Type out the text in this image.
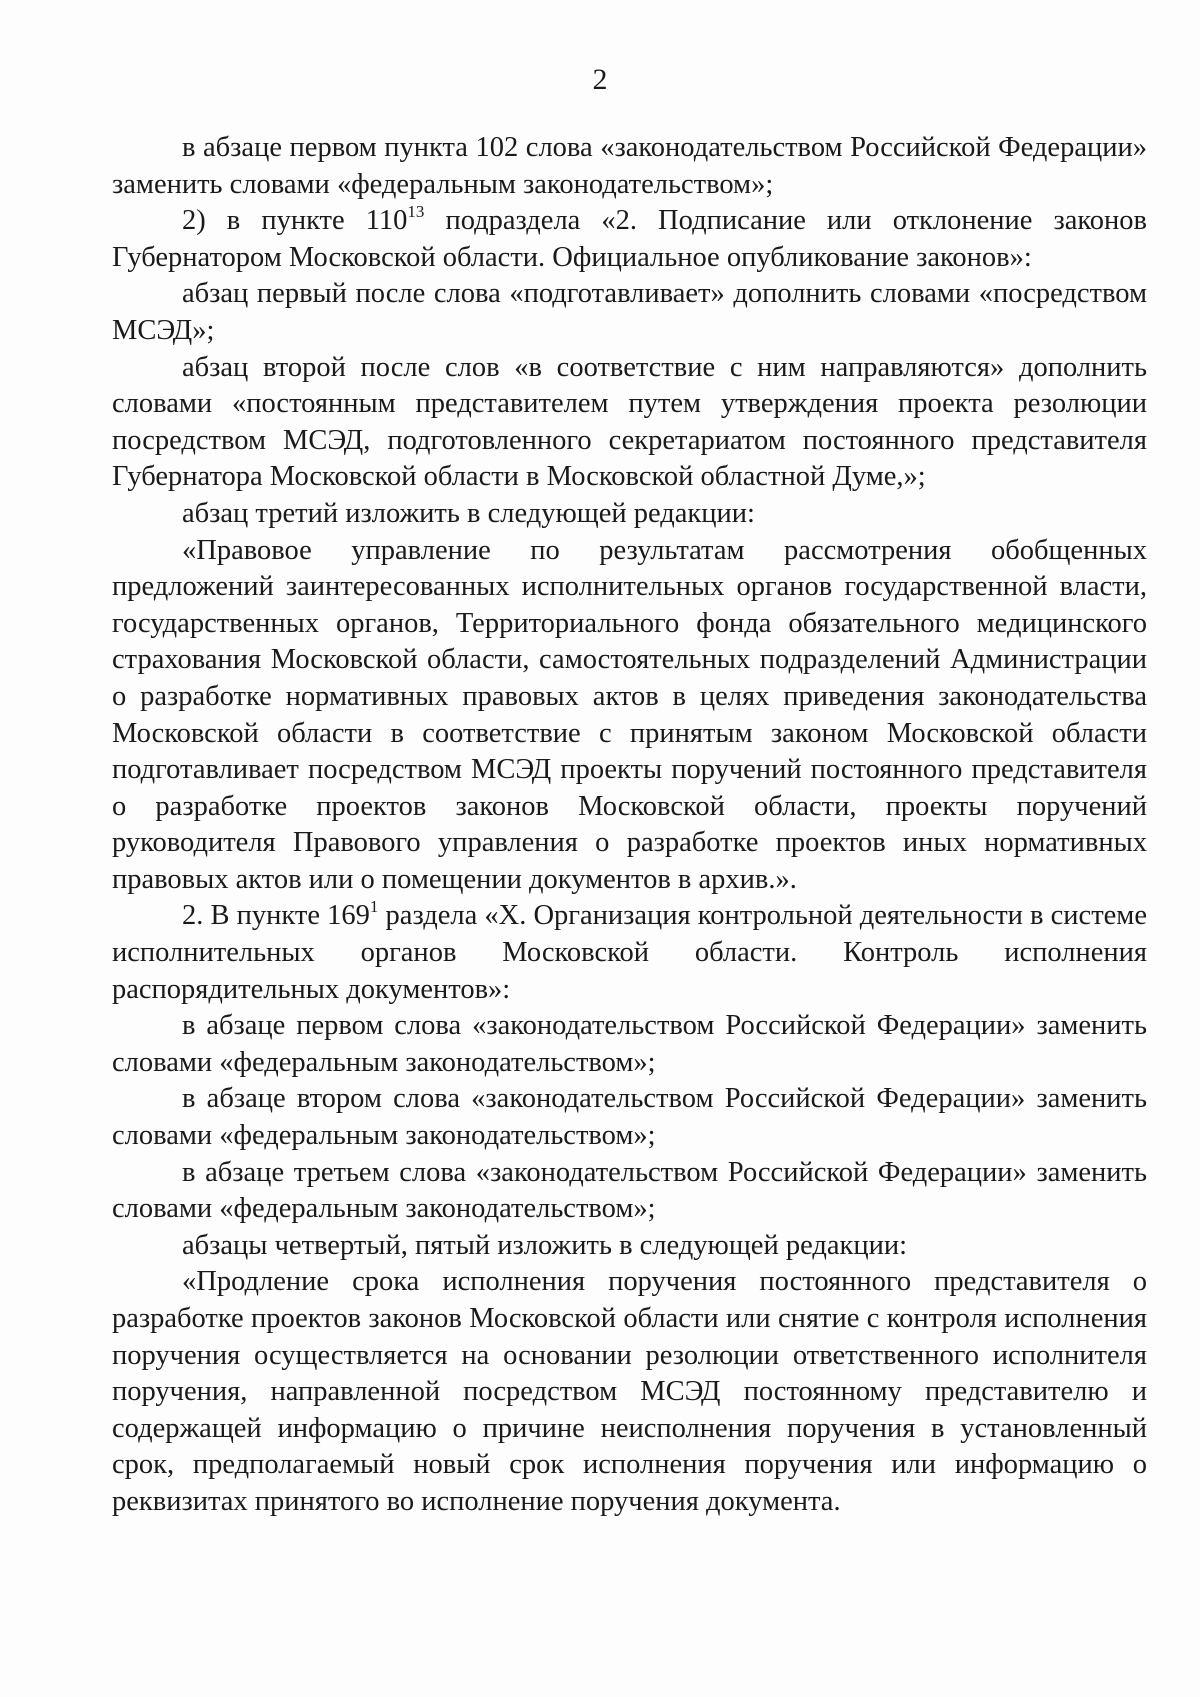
2

в абзаце первом пункта 102 слова «законодательством Российской Федерации» заменить словами «федеральным законодательством»;

2) в пункте $110^{13}$ подраздела «2. Подписание или отклонение законов Губернатором Московской области. Официальное опубликование законов»:

абзац первый после слова «подготавливает» дополнить словами «посредством МСЭД»;

абзац второй после слов «в соответствие с ним направляются» дополнить словами «постоянным представителем путем утверждения проекта резолюции посредством МСЭД, подготовленного секретариатом постоянного представителя Губернатора Московской области в Московской областной Думе,»;

абзац третий изложить в следующей редакции:

«Правовое управление по результатам рассмотрения обобщенных предложений заинтересованных исполнительных органов государственной власти, государственных органов, Территориального фонда обязательного медицинского страхования Московской области, самостоятельных подразделений Администрации о разработке нормативных правовых актов в целях приведения законодательства Московской области в соответствие с принятым законом Московской области подготавливает посредством МСЭД проекты поручений постоянного представителя о разработке проектов законов Московской области, проекты поручений руководителя Правового управления о разработке проектов иных нормативных правовых актов или о помещении документов в архив.».

2. В пункте $169^1$ раздела «X. Организация контрольной деятельности в системе исполнительных органов Московской области. Контроль исполнения распорядительных документов»:

в абзаце первом слова «законодательством Российской Федерации» заменить словами «федеральным законодательством»;

в абзаце втором слова «законодательством Российской Федерации» заменить словами «федеральным законодательством»;

в абзаце третьем слова «законодательством Российской Федерации» заменить словами «федеральным законодательством»;

абзацы четвертый, пятый изложить в следующей редакции:

«Продление срока исполнения поручения постоянного представителя о разработке проектов законов Московской области или снятие с контроля исполнения поручения осуществляется на основании резолюции ответственного исполнителя поручения, направленной посредством МСЭД постоянному представителю и содержащей информацию о причине неисполнения поручения в установленный срок, предполагаемый новый срок исполнения поручения или информацию о реквизитах принятого во исполнение поручения документа.
